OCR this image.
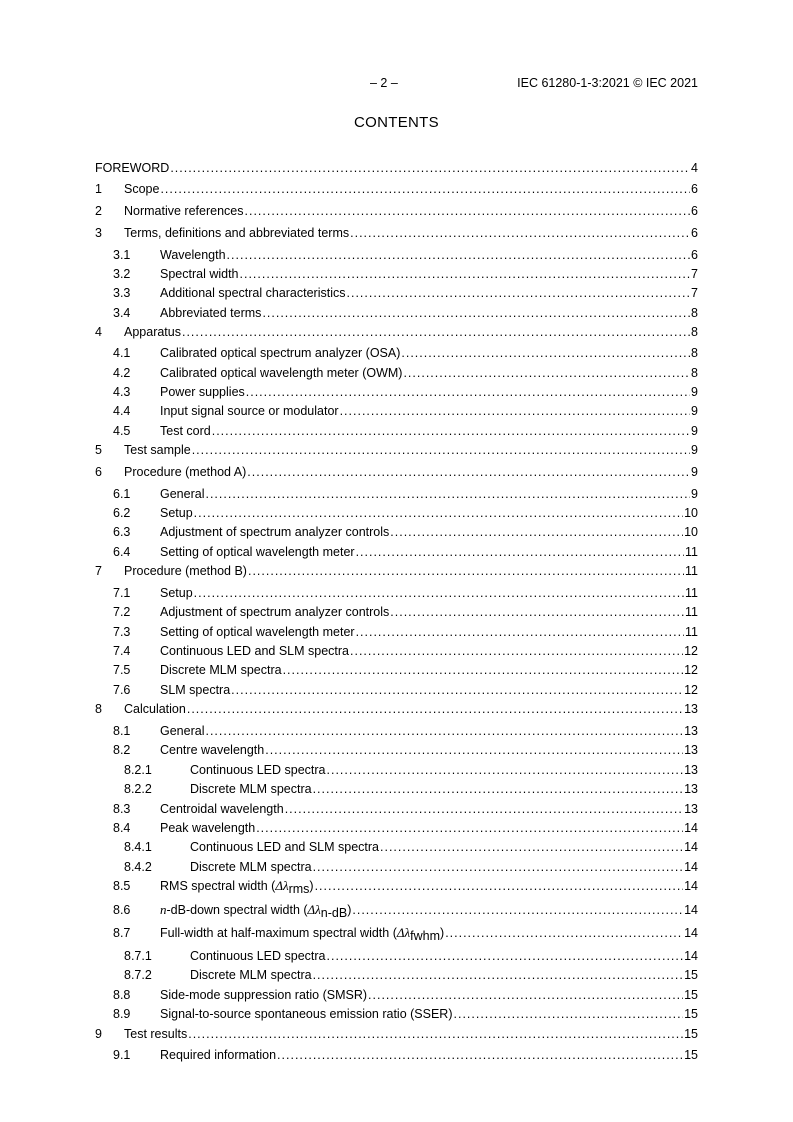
– 2 –	IEC 61280-1-3:2021 © IEC 2021
CONTENTS
FOREWORD .....	4
1	Scope .....	6
2	Normative references .....	6
3	Terms, definitions and abbreviated terms .....	6
3.1	Wavelength .....	6
3.2	Spectral width .....	7
3.3	Additional spectral characteristics .....	7
3.4	Abbreviated terms .....	8
4	Apparatus .....	8
4.1	Calibrated optical spectrum analyzer (OSA) .....	8
4.2	Calibrated optical wavelength meter (OWM) .....	8
4.3	Power supplies .....	9
4.4	Input signal source or modulator .....	9
4.5	Test cord .....	9
5	Test sample .....	9
6	Procedure (method A) .....	9
6.1	General .....	9
6.2	Setup .....	10
6.3	Adjustment of spectrum analyzer controls .....	10
6.4	Setting of optical wavelength meter .....	11
7	Procedure (method B) .....	11
7.1	Setup .....	11
7.2	Adjustment of spectrum analyzer controls .....	11
7.3	Setting of optical wavelength meter .....	11
7.4	Continuous LED and SLM spectra .....	12
7.5	Discrete MLM spectra .....	12
7.6	SLM spectra .....	12
8	Calculation .....	13
8.1	General .....	13
8.2	Centre wavelength .....	13
8.2.1	Continuous LED spectra .....	13
8.2.2	Discrete MLM spectra .....	13
8.3	Centroidal wavelength .....	13
8.4	Peak wavelength .....	14
8.4.1	Continuous LED and SLM spectra .....	14
8.4.2	Discrete MLM spectra .....	14
8.5	RMS spectral width (Δλrms) .....	14
8.6	n-dB-down spectral width (Δλn-dB) .....	14
8.7	Full-width at half-maximum spectral width (Δλfwhm) .....	14
8.7.1	Continuous LED spectra .....	14
8.7.2	Discrete MLM spectra .....	15
8.8	Side-mode suppression ratio (SMSR) .....	15
8.9	Signal-to-source spontaneous emission ratio (SSER) .....	15
9	Test results .....	15
9.1	Required information .....	15
